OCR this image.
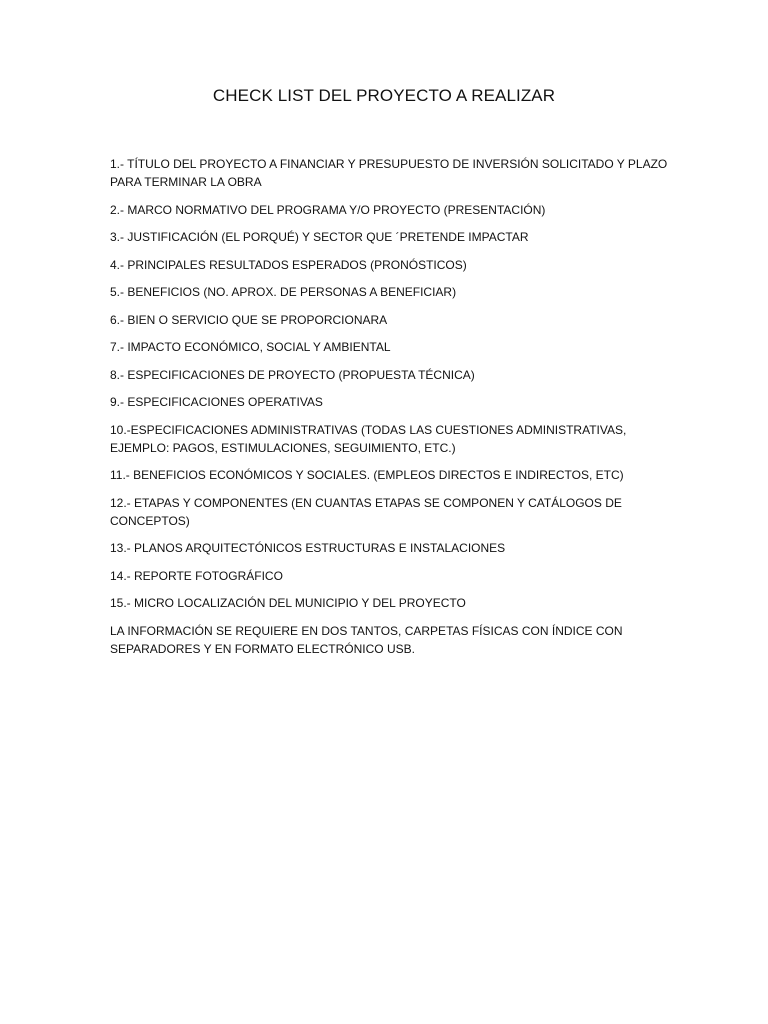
CHECK LIST DEL PROYECTO A REALIZAR
1.- TÍTULO DEL PROYECTO A FINANCIAR Y PRESUPUESTO DE INVERSIÓN SOLICITADO Y PLAZO PARA TERMINAR LA OBRA
2.- MARCO NORMATIVO DEL PROGRAMA Y/O PROYECTO (PRESENTACIÓN)
3.- JUSTIFICACIÓN (EL PORQUÉ) Y SECTOR QUE ´PRETENDE IMPACTAR
4.- PRINCIPALES RESULTADOS ESPERADOS (PRONÓSTICOS)
5.- BENEFICIOS (NO. APROX. DE PERSONAS A BENEFICIAR)
6.- BIEN O SERVICIO QUE SE PROPORCIONARA
7.- IMPACTO ECONÓMICO, SOCIAL Y AMBIENTAL
8.- ESPECIFICACIONES DE PROYECTO (PROPUESTA TÉCNICA)
9.- ESPECIFICACIONES OPERATIVAS
10.-ESPECIFICACIONES ADMINISTRATIVAS (TODAS LAS CUESTIONES ADMINISTRATIVAS, EJEMPLO: PAGOS, ESTIMULACIONES, SEGUIMIENTO, ETC.)
11.- BENEFICIOS ECONÓMICOS Y SOCIALES. (EMPLEOS DIRECTOS E INDIRECTOS, ETC)
12.- ETAPAS Y COMPONENTES (EN CUANTAS ETAPAS SE COMPONEN Y CATÁLOGOS DE CONCEPTOS)
13.- PLANOS ARQUITECTÓNICOS ESTRUCTURAS E INSTALACIONES
14.- REPORTE FOTOGRÁFICO
15.- MICRO LOCALIZACIÓN DEL MUNICIPIO Y DEL PROYECTO
LA INFORMACIÓN SE REQUIERE EN DOS TANTOS, CARPETAS FÍSICAS CON ÍNDICE CON SEPARADORES Y EN FORMATO ELECTRÓNICO USB.
